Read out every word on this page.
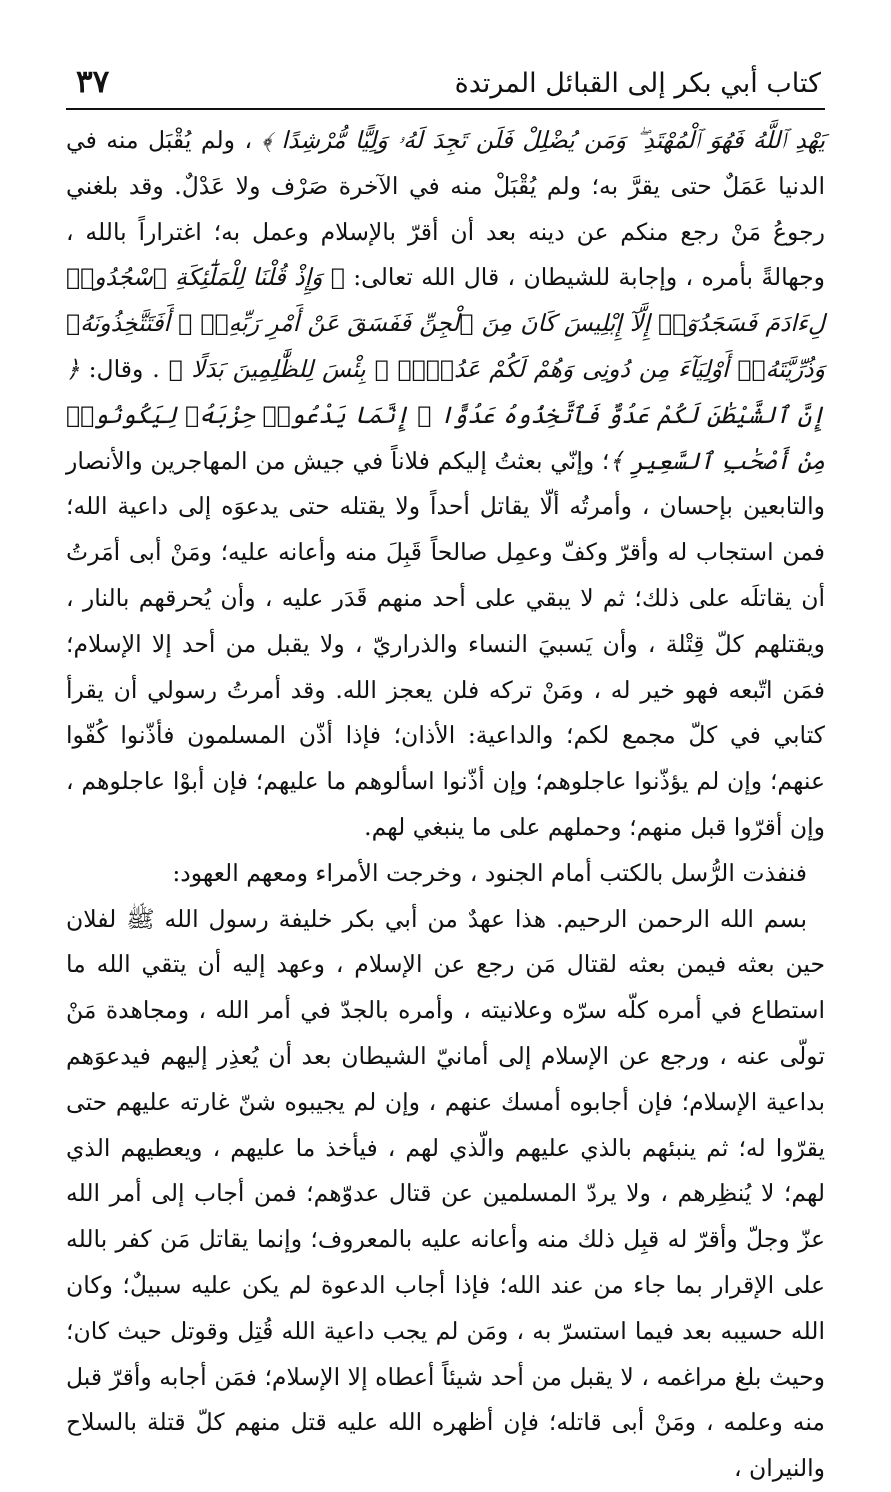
كتاب أبي بكر إلى القبائل المرتدة
٣٧

يَهْدِ ٱللَّهُ فَهُوَ ٱلْمُهْتَدِ ۖ وَمَن يُضْلِلْ فَلَن تَجِدَ لَهُۥ وَلِيًّا مُّرْشِدًا ﴾ ، ولم يُقْبَل منه في الدنيا عَمَلٌ حتى يقرَّ به؛ ولم يُقْبَلْ منه في الآخرة صَرْف ولا عَدْلٌ. وقد بلغني رجوعُ مَنْ رجع منكم عن دينه بعد أن أقرّ بالإسلام وعمل به؛ اغتراراً بالله ، وجهالةً بأمره ، وإجابة للشيطان ، قال الله تعالى: ﴿ وَإِذْ قُلْنَا لِلْمَلَٰٓئِكَةِ ٱسْجُدُوا۟ لِءَادَمَ فَسَجَدُوٓا۟ إِلَّآ إِبْلِيسَ كَانَ مِنَ ٱلْجِنِّ فَفَسَقَ عَنْ أَمْرِ رَبِّهِۦٓ ۗ أَفَتَتَّخِذُونَهُۥ وَذُرِّيَّتَهُۥٓ أَوْلِيَآءَ مِن دُونِى وَهُمْ لَكُمْ عَدُوٌّۢ ۚ بِئْسَ لِلظَّٰلِمِينَ بَدَلًا ﴾ . وقال: ﴿ إِنَّ ٱلشَّيْطَٰنَ لَكُمْ عَدُوٌّ فَٱتَّخِذُوهُ عَدُوًّا ۚ إِنَّمَا يَدْعُوا۟ حِزْبَهُۥ لِيَكُونُوا۟ مِنْ أَصْحَٰبِ ٱلسَّعِيرِ ﴾؛ وإنّي بعثتُ إليكم فلاناً في جيش من المهاجرين والأنصار والتابعين بإحسان ، وأمرتُه ألّا يقاتل أحداً ولا يقتله حتى يدعوَه إلى داعية الله؛ فمن استجاب له وأقرّ وكفّ وعمِل صالحاً قَبِلَ منه وأعانه عليه؛ ومَنْ أبى أمَرتُ أن يقاتلَه على ذلك؛ ثم لا يبقي على أحد منهم قَدَر عليه ، وأن يُحرقهم بالنار ، ويقتلهم كلّ قِتْلة ، وأن يَسبيَ النساء والذراريّ ، ولا يقبل من أحد إلا الإسلام؛ فمَن اتّبعه فهو خير له ، ومَنْ تركه فلن يعجز الله. وقد أمرتُ رسولي أن يقرأ كتابي في كلّ مجمع لكم؛ والداعية: الأذان؛ فإذا أذّن المسلمون فأذّنوا كُفّوا عنهم؛ وإن لم يؤذّنوا عاجلوهم؛ وإن أذّنوا اسألوهم ما عليهم؛ فإن أبوْا عاجلوهم ، وإن أقرّوا قبل منهم؛ وحملهم على ما ينبغي لهم.

فنفذت الرُّسل بالكتب أمام الجنود ، وخرجت الأمراء ومعهم العهود:

بسم الله الرحمن الرحيم. هذا عهدٌ من أبي بكر خليفة رسول الله ﷺ لفلان حين بعثه فيمن بعثه لقتال مَن رجع عن الإسلام ، وعهد إليه أن يتقي الله ما استطاع في أمره كلّه سرّه وعلانيته ، وأمره بالجدّ في أمر الله ، ومجاهدة مَنْ تولّى عنه ، ورجع عن الإسلام إلى أمانيّ الشيطان بعد أن يُعذِر إليهم فيدعوَهم بداعية الإسلام؛ فإن أجابوه أمسك عنهم ، وإن لم يجيبوه شنّ غارته عليهم حتى يقرّوا له؛ ثم ينبئهم بالذي عليهم والّذي لهم ، فيأخذ ما عليهم ، ويعطيهم الذي لهم؛ لا يُنظِرهم ، ولا يردّ المسلمين عن قتال عدوّهم؛ فمن أجاب إلى أمر الله عزّ وجلّ وأقرّ له قبِل ذلك منه وأعانه عليه بالمعروف؛ وإنما يقاتل مَن كفر بالله على الإقرار بما جاء من عند الله؛ فإذا أجاب الدعوة لم يكن عليه سبيلٌ؛ وكان الله حسيبه بعد فيما استسرّ به ، ومَن لم يجب داعية الله قُتِل وقوتل حيث كان؛ وحيث بلغ مراغمه ، لا يقبل من أحد شيئاً أعطاه إلا الإسلام؛ فمَن أجابه وأقرّ قبل منه وعلمه ، ومَنْ أبى قاتله؛ فإن أظهره الله عليه قتل منهم كلّ قتلة بالسلاح والنيران ،
